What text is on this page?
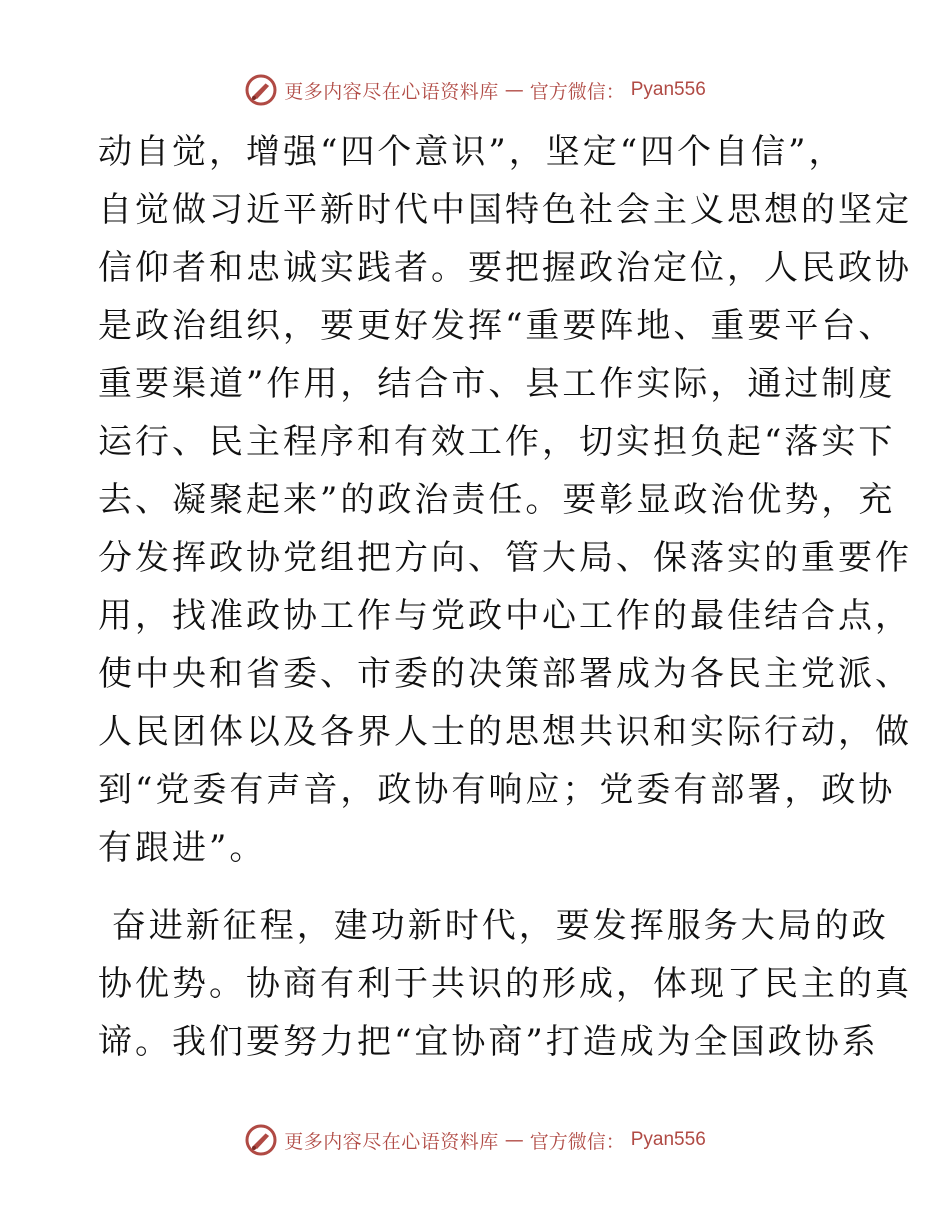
更多内容尽在心语资料库 — 官方微信： Pyan556
动自觉，增强“四个意识”，坚定“四个自信”，
自觉做习近平新时代中国特色社会主义思想的坚定
信仰者和忠诚实践者。要把握政治定位，人民政协
是政治组织，要更好发挥“重要阵地、重要平台、
重要渠道”作用，结合市、县工作实际，通过制度
运行、民主程序和有效工作，切实担负起“落实下
去、凝聚起来”的政治责任。要彰显政治优势，充
分发挥政协党组把方向、管大局、保落实的重要作
用，找准政协工作与党政中心工作的最佳结合点，
使中央和省委、市委的决策部署成为各民主党派、
人民团体以及各界人士的思想共识和实际行动，做
到“党委有声音，政协有响应；党委有部署，政协
有跟进”。
奋进新征程，建功新时代，要发挥服务大局的政
协优势。协商有利于共识的形成，体现了民主的真
谛。我们要努力把“宜协商”打造成为全国政协系
更多内容尽在心语资料库 — 官方微信： Pyan556
